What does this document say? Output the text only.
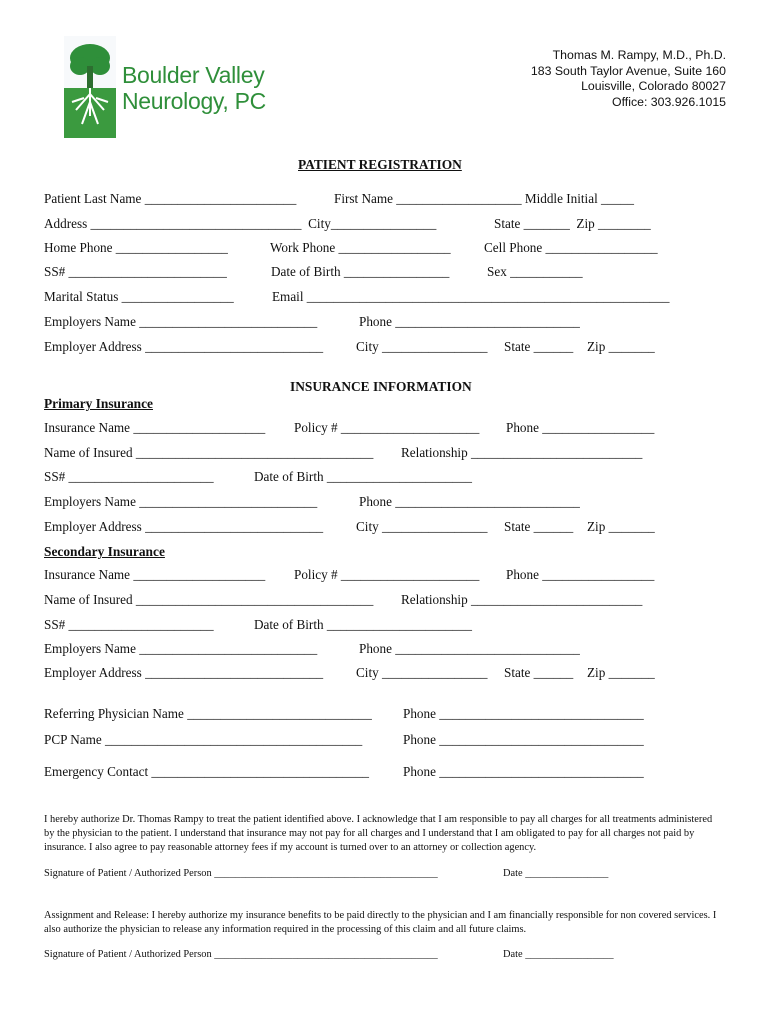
Boulder Valley
Neurology, PC
Thomas M. Rampy, M.D., Ph.D.
183 South Taylor Avenue, Suite 160
Louisville, Colorado 80027
Office: 303.926.1015
PATIENT REGISTRATION
Patient Last Name _______________________	First Name ___________________ Middle Initial _____
Address ________________________________  City________________	State _______  Zip ________
Home Phone _________________	Work Phone _________________	Cell Phone _________________
SS# ________________________	Date of Birth ________________	Sex ___________
Marital Status _________________	Email _______________________________________________________
Employers Name ___________________________	Phone ____________________________
Employer Address ___________________________ City ________________ State ______ Zip _______
INSURANCE INFORMATION
Primary Insurance
Insurance Name ____________________ Policy # _____________________ Phone _________________
Name of Insured ____________________________________ Relationship __________________________
SS# ______________________	Date of Birth ______________________
Employers Name ___________________________	Phone ____________________________
Employer Address ___________________________ City ________________ State ______ Zip _______
Secondary Insurance
Insurance Name ____________________ Policy # _____________________ Phone _________________
Name of Insured ____________________________________ Relationship __________________________
SS# ______________________	Date of Birth ______________________
Employers Name ___________________________	Phone ____________________________
Employer Address ___________________________ City ________________ State ______ Zip _______
Referring Physician Name ____________________________ Phone _______________________________
PCP Name _______________________________________	Phone _______________________________
Emergency Contact _________________________________	Phone _______________________________
I hereby authorize Dr. Thomas Rampy to treat the patient identified above. I acknowledge that I am responsible to pay all charges for all treatments administered by the physician to the patient. I understand that insurance may not pay for all charges and I understand that I am obligated to pay for all charges not paid by insurance. I also agree to pay reasonable attorney fees if my account is turned over to an attorney or collection agency.
Signature of Patient / Authorized Person ___________________________________________	Date ________________
Assignment and Release: I hereby authorize my insurance benefits to be paid directly to the physician and I am financially responsible for non covered services. I also authorize the physician to release any information required in the processing of this claim and all future claims.
Signature of Patient / Authorized Person ___________________________________________	Date _________________
